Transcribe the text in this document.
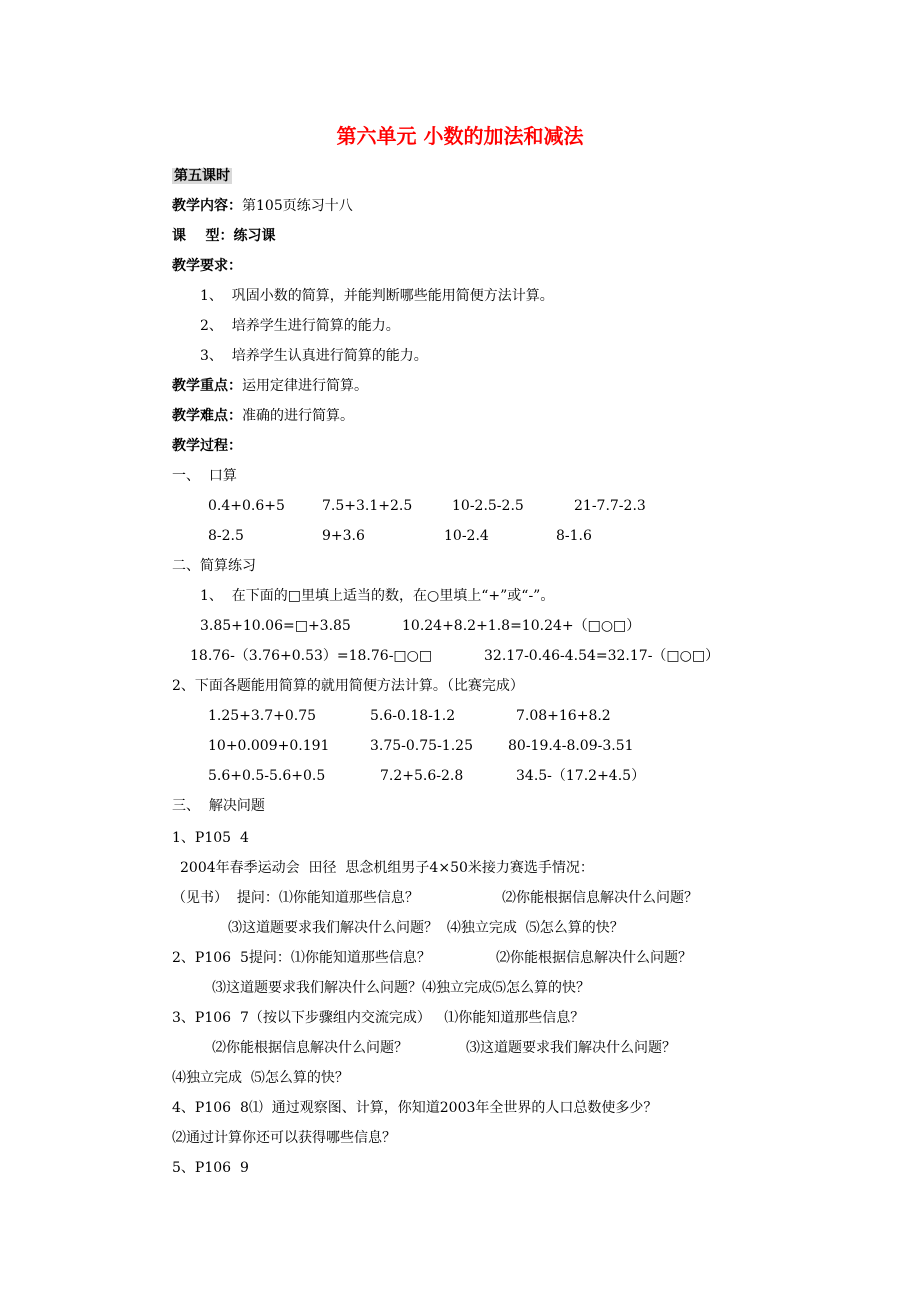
第六单元 小数的加法和减法
第五课时
教学内容：第105页练习十八
课    型：练习课
教学要求：
1、  巩固小数的简算，并能判断哪些能用简便方法计算。
2、  培养学生进行简算的能力。
3、  培养学生认真进行简算的能力。
教学重点：运用定律进行简算。
教学难点：准确的进行简算。
教学过程：
一、  口算
0.4+0.6+5	7.5+3.1+2.5	10-2.5-2.5	21-7.7-2.3
8-2.5	9+3.6	10-2.4	8-1.6
二、简算练习
1、  在下面的□里填上适当的数，在○里填上“+”或“-”。
3.85+10.06=□+3.85	10.24+8.2+1.8=10.24+（□○□）
18.76-（3.76+0.53）=18.76-□○□	32.17-0.46-4.54=32.17-（□○□）
2、下面各题能用简算的就用简便方法计算。（比赛完成）
1.25+3.7+0.75	5.6-0.18-1.2	7.08+16+8.2
10+0.009+0.191	3.75-0.75-1.25	80-19.4-8.09-3.51
5.6+0.5-5.6+0.5	7.2+5.6-2.8	34.5-（17.2+4.5）
三、  解决问题
1、P105  4
2004年春季运动会  田径  思念机组男子4×50米接力赛选手情况：
（见书）  提问：⑴你能知道那些信息？	⑵你能根据信息解决什么问题？
⑶这道题要求我们解决什么问题？  ⑷独立完成  ⑸怎么算的快？
2、P106  5提问：⑴你能知道那些信息？	⑵你能根据信息解决什么问题？
⑶这道题要求我们解决什么问题？⑷独立完成⑸怎么算的快？
3、P106  7（按以下步骤组内交流完成）   ⑴你能知道那些信息？
⑵你能根据信息解决什么问题？	⑶这道题要求我们解决什么问题？
⑷独立完成  ⑸怎么算的快？
4、P106  8⑴  通过观察图、计算，你知道2003年全世界的人口总数使多少？
⑵通过计算你还可以获得哪些信息？
5、P106  9
